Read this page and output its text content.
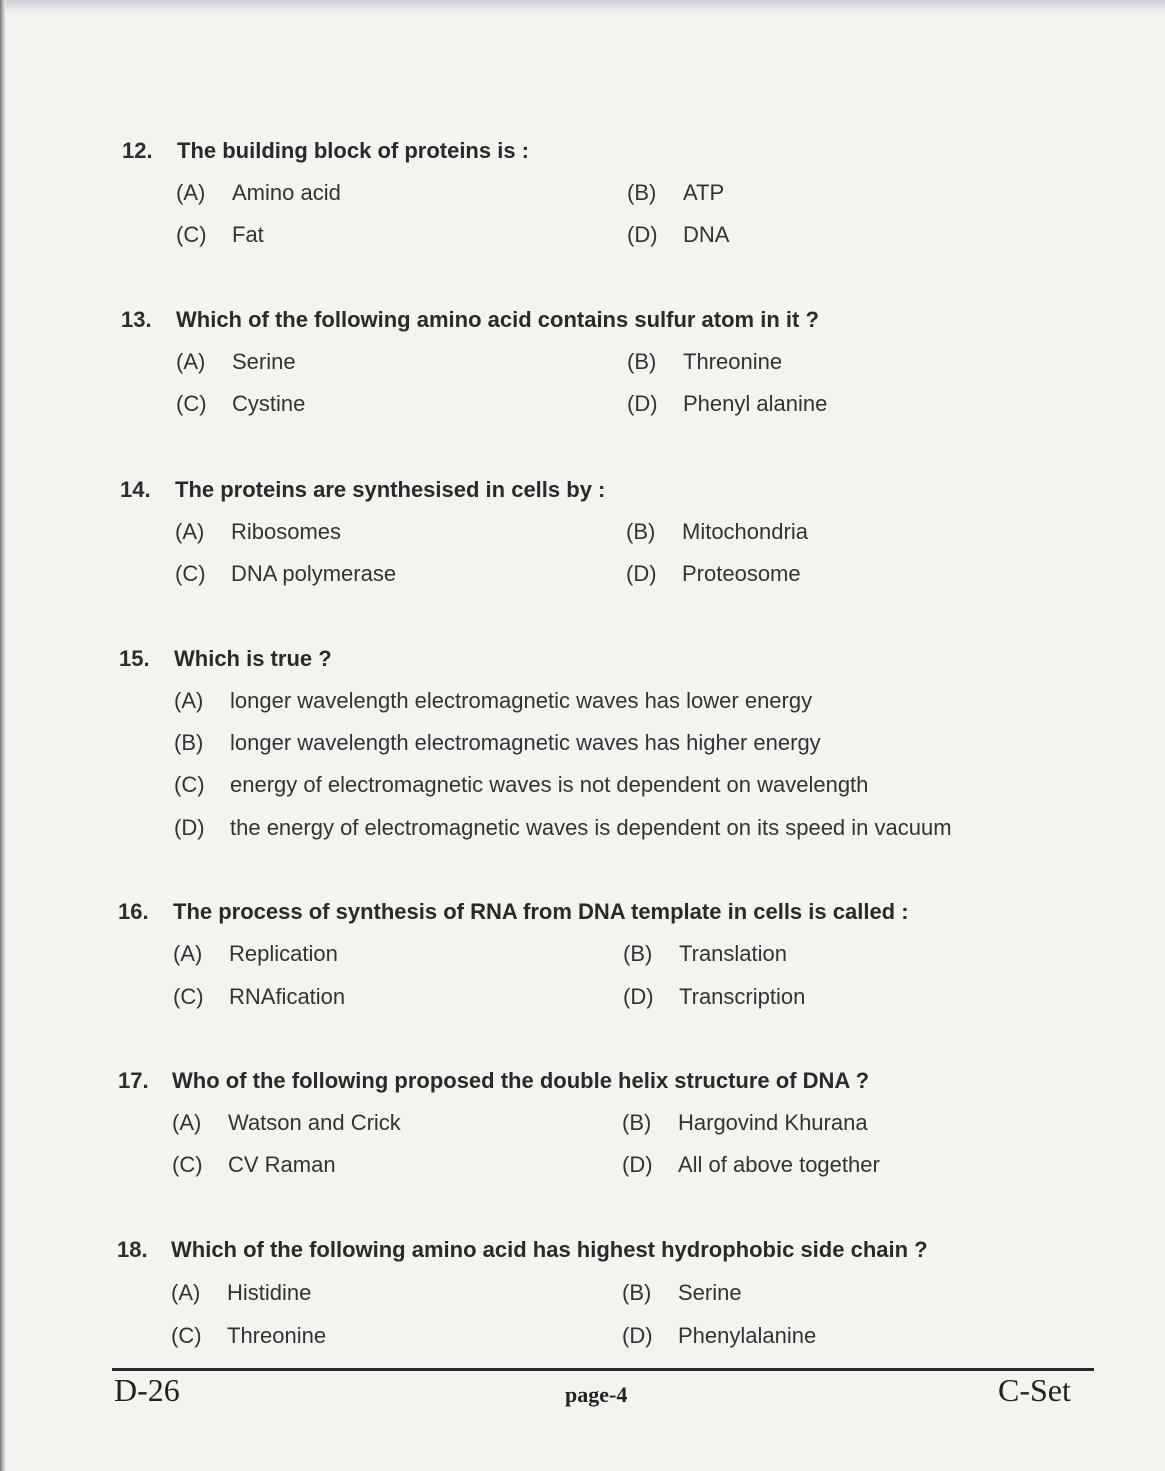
12. The building block of proteins is :
(A) Amino acid	(B) ATP
(C) Fat	(D) DNA
13. Which of the following amino acid contains sulfur atom in it ?
(A) Serine	(B) Threonine
(C) Cystine	(D) Phenyl alanine
14. The proteins are synthesised in cells by :
(A) Ribosomes	(B) Mitochondria
(C) DNA polymerase	(D) Proteosome
15. Which is true ?
(A) longer wavelength electromagnetic waves has lower energy
(B) longer wavelength electromagnetic waves has higher energy
(C) energy of electromagnetic waves is not dependent on wavelength
(D) the energy of electromagnetic waves is dependent on its speed in vacuum
16. The process of synthesis of RNA from DNA template in cells is called :
(A) Replication	(B) Translation
(C) RNAfication	(D) Transcription
17. Who of the following proposed the double helix structure of DNA ?
(A) Watson and Crick	(B) Hargovind Khurana
(C) CV Raman	(D) All of above together
18. Which of the following amino acid has highest hydrophobic side chain ?
(A) Histidine	(B) Serine
(C) Threonine	(D) Phenylalanine
D-26	page-4	C-Set
